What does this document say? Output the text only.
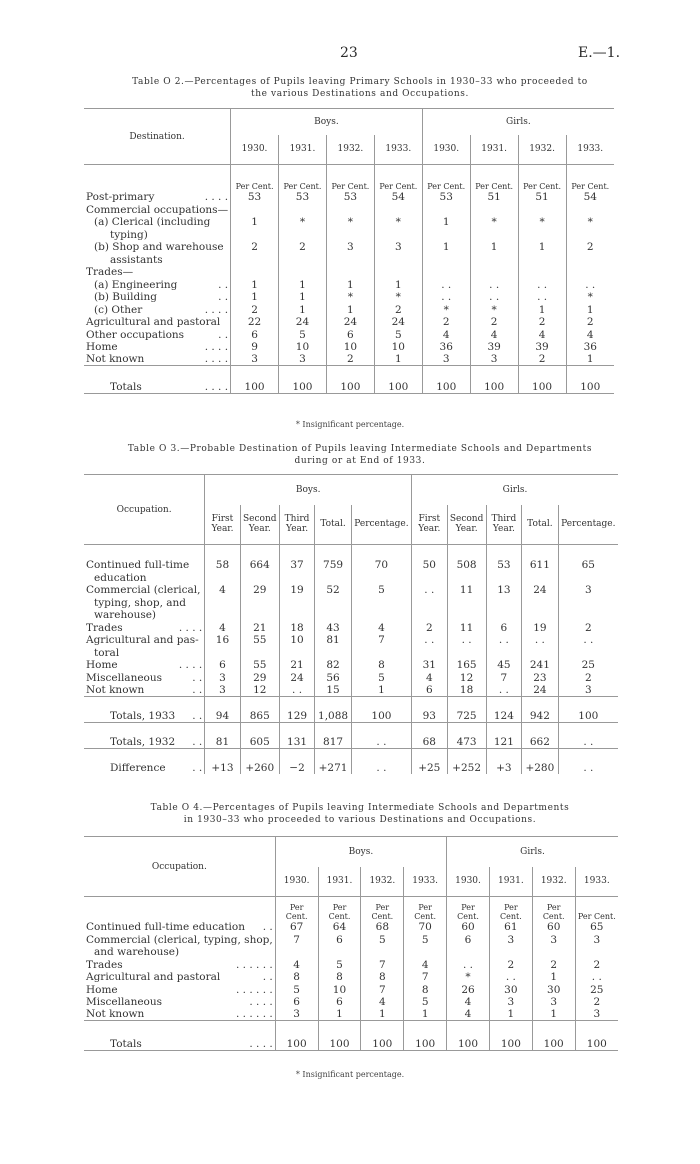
23	E.—1.
Table O 2.—Percentages of Pupils leaving Primary Schools in 1930–33 who proceeded to
the various Destinations and Occupations.
Destination.	Boys.				Girls.			
	1930.	1931.	1932.	1933.	1930.	1931.	1932.	1933.
	Per Cent.	Per Cent.	Per Cent.	Per Cent.	Per Cent.	Per Cent.	Per Cent.	Per Cent.
Post-primary . . . .	53	53	53	54	53	51	51	54
Commercial occupations—

(a) Clerical (including	1	*	*	*	1	*	*	*
typing)

(b) Shop and warehouse	2	2	3	3	1	1	1	2
assistants

Trades—

(a) Engineering . .	1	1	1	1	. .	. .	. .	. .
(b) Building . .	1	1	*	*	. .	. .	. .	*
(c) Other . . . .	2	1	1	2	*	*	1	1
Agricultural and pastoral	22	24	24	24	2	2	2	2
Other occupations . .	6	5	6	5	4	4	4	4
Home . . . .	9	10	10	10	36	39	39	36
Not known . . . .	3	3	2	1	3	3	2	1
Totals . . . .	100	100	100	100	100	100	100	100
* Insignificant percentage.
Table O 3.—Probable Destination of Pupils leaving Intermediate Schools and Departments
during or at End of 1933.
Occupation.	Boys.					Girls.				
	First Year.	Second Year.	Third Year.	Total.	Percentage.	First Year.	Second Year.	Third Year.	Total.	Percentage.

Continued full-time	58	664	37	759	70	50	508	53	611	65
education

Commercial (clerical,	4	29	19	52	5	. .	11	13	24	3
typing, shop, and

warehouse)

Trades . . . .	4	21	18	43	4	2	11	6	19	2
Agricultural and pas-	16	55	10	81	7	. .	. .	. .	. .	. .
toral

Home . . . .	6	55	21	82	8	31	165	45	241	25
Miscellaneous . .	3	29	24	56	5	4	12	7	23	2
Not known . .	3	12	. .	15	1	6	18	. .	24	3
Totals, 1933 . .	94	865	129	1,088	100	93	725	124	942	100
Totals, 1932 . .	81	605	131	817	. .	68	473	121	662	. .
Difference . .	+13	+260	−2	+271	. .	+25	+252	+3	+280	. .
Table O 4.—Percentages of Pupils leaving Intermediate Schools and Departments
in 1930–33 who proceeded to various Destinations and Occupations.
Occupation.	Boys.				Girls.			
	1930.	1931.	1932.	1933.	1930.	1931.	1932.	1933.
	Per Cent.	Per Cent.	Per Cent.	Per Cent.	Per Cent.	Per Cent.	Per Cent.	Per Cent.
Continued full-time education . .	67	64	68	70	60	61	60	65
Commercial (clerical, typing, shop,	7	6	5	5	6	3	3	3
and warehouse)

Trades . . . . . .	4	5	7	4	. .	2	2	2
Agricultural and pastoral . .	8	8	8	7	*	. .	1	. .
Home . . . . . .	5	10	7	8	26	30	30	25
Miscellaneous . . . .	6	6	4	5	4	3	3	2
Not known . . . . . .	3	1	1	1	4	1	1	3
Totals . . . .	100	100	100	100	100	100	100	100
* Insignificant percentage.
